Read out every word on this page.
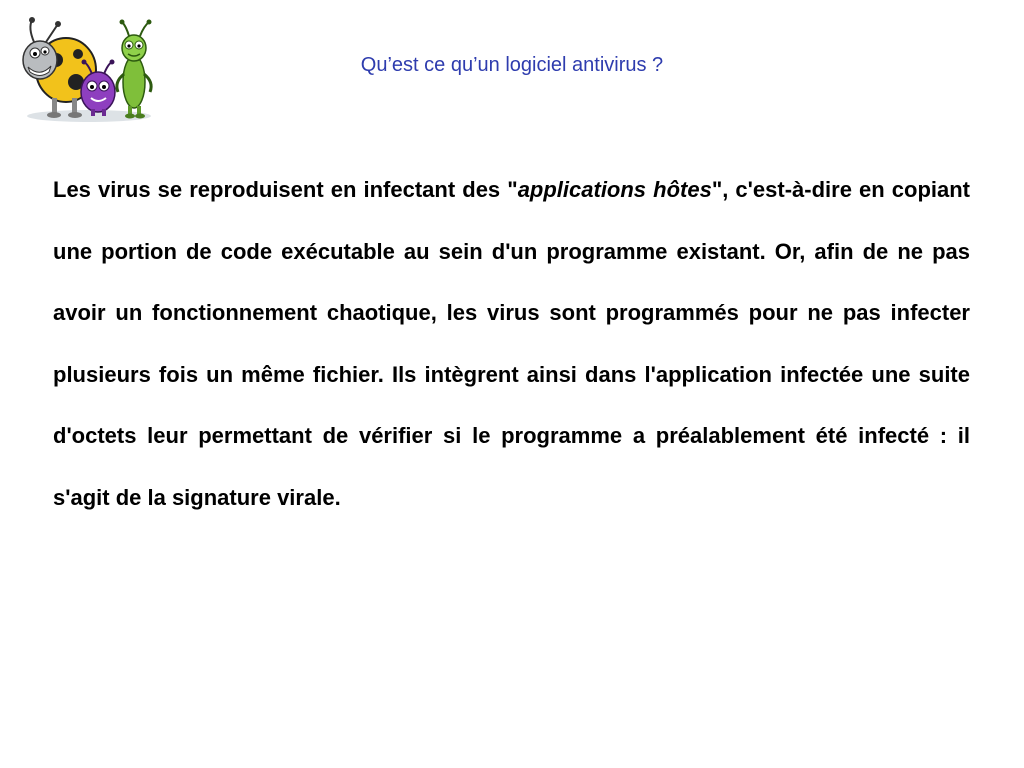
Qu’est ce qu’un logiciel antivirus ?

Les virus se reproduisent en infectant des "applications hôtes", c'est-à-dire en copiant une portion de code exécutable au sein d'un programme existant. Or, afin de ne pas avoir un fonctionnement chaotique, les virus sont programmés pour ne pas infecter plusieurs fois un même fichier. Ils intègrent ainsi dans l'application infectée une suite d'octets leur permettant de vérifier si le programme a préalablement été infecté : il s'agit de la signature virale.
